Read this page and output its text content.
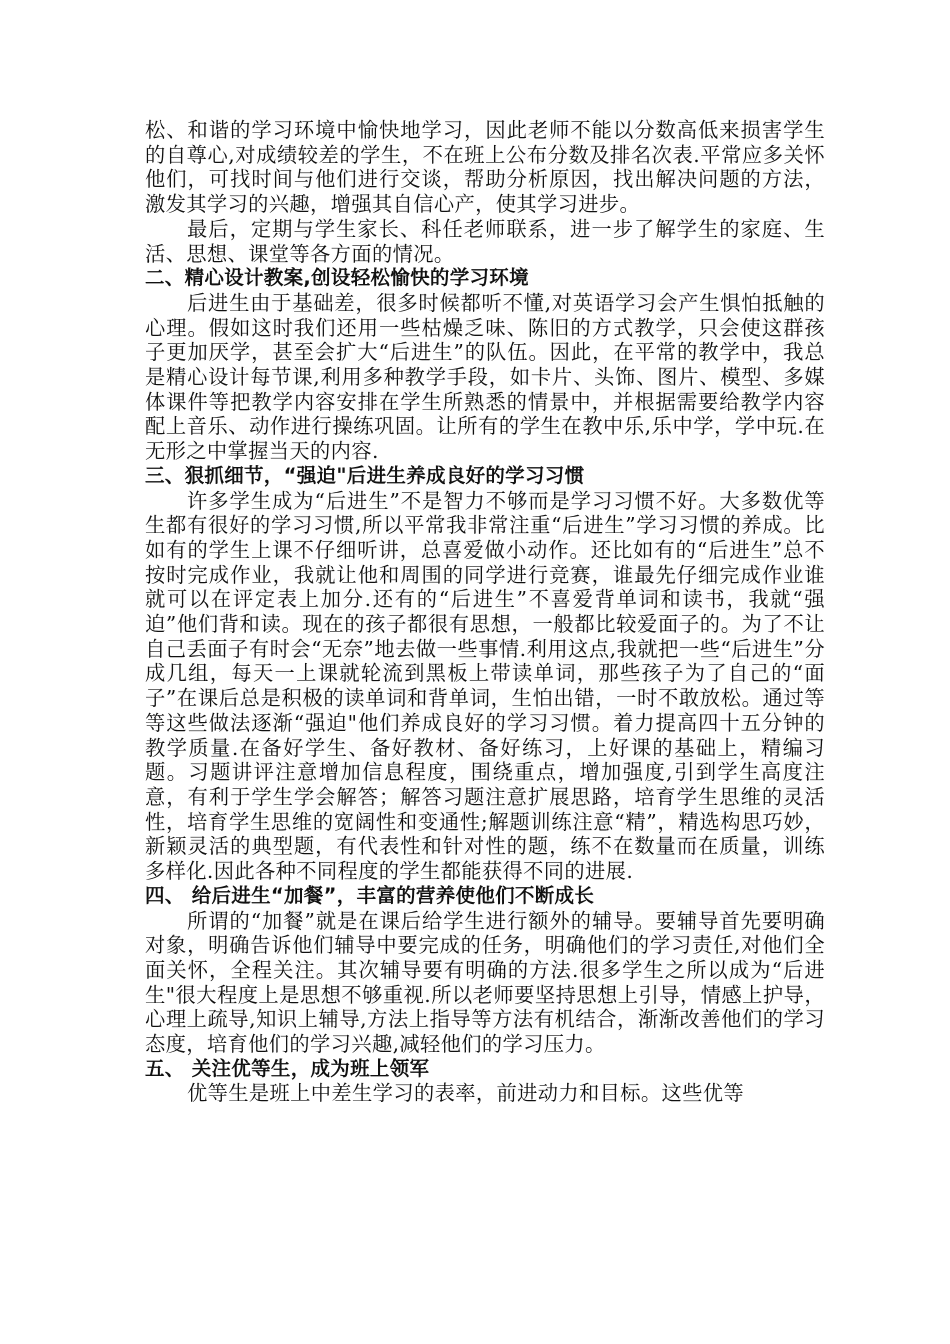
松、和谐的学习环境中愉快地学习，因此老师不能以分数高低来损害学生的自尊心,对成绩较差的学生，不在班上公布分数及排名次表.平常应多关怀他们，可找时间与他们进行交谈，帮助分析原因，找出解决问题的方法，激发其学习的兴趣，增强其自信心产，使其学习进步。

最后，定期与学生家长、科任老师联系，进一步了解学生的家庭、生活、思想、课堂等各方面的情况。

二、精心设计教案,创设轻松愉快的学习环境

后进生由于基础差，很多时候都听不懂,对英语学习会产生惧怕抵触的心理。假如这时我们还用一些枯燥乏味、陈旧的方式教学，只会使这群孩子更加厌学，甚至会扩大“后进生”的队伍。因此，在平常的教学中，我总是精心设计每节课,利用多种教学手段，如卡片、头饰、图片、模型、多媒体课件等把教学内容安排在学生所熟悉的情景中，并根据需要给教学内容配上音乐、动作进行操练巩固。让所有的学生在教中乐,乐中学，学中玩.在无形之中掌握当天的内容.

三、狠抓细节，“强迫"后进生养成良好的学习习惯

许多学生成为“后进生”不是智力不够而是学习习惯不好。大多数优等生都有很好的学习习惯,所以平常我非常注重“后进生”学习习惯的养成。比如有的学生上课不仔细听讲，总喜爱做小动作。还比如有的“后进生”总不按时完成作业，我就让他和周围的同学进行竞赛，谁最先仔细完成作业谁就可以在评定表上加分.还有的“后进生”不喜爱背单词和读书，我就“强迫”他们背和读。现在的孩子都很有思想，一般都比较爱面子的。为了不让自己丢面子有时会“无奈”地去做一些事情.利用这点,我就把一些“后进生”分成几组，每天一上课就轮流到黑板上带读单词，那些孩子为了自己的“面子”在课后总是积极的读单词和背单词，生怕出错，一时不敢放松。通过等等这些做法逐渐“强迫"他们养成良好的学习习惯。着力提高四十五分钟的教学质量.在备好学生、备好教材、备好练习，上好课的基础上，精编习题。习题讲评注意增加信息程度，围绕重点，增加强度,引到学生高度注意，有利于学生学会解答；解答习题注意扩展思路，培育学生思维的灵活性，培育学生思维的宽阔性和变通性;解题训练注意“精”，精选构思巧妙，新颖灵活的典型题，有代表性和针对性的题，练不在数量而在质量，训练多样化.因此各种不同程度的学生都能获得不同的进展.

四、 给后进生“加餐”，丰富的营养使他们不断成长

所谓的“加餐”就是在课后给学生进行额外的辅导。要辅导首先要明确对象，明确告诉他们辅导中要完成的任务，明确他们的学习责任,对他们全面关怀，全程关注。其次辅导要有明确的方法.很多学生之所以成为“后进生"很大程度上是思想不够重视.所以老师要坚持思想上引导，情感上护导，心理上疏导,知识上辅导,方法上指导等方法有机结合，渐渐改善他们的学习态度，培育他们的学习兴趣,减轻他们的学习压力。

五、 关注优等生，成为班上领军

优等生是班上中差生学习的表率，前进动力和目标。这些优等
